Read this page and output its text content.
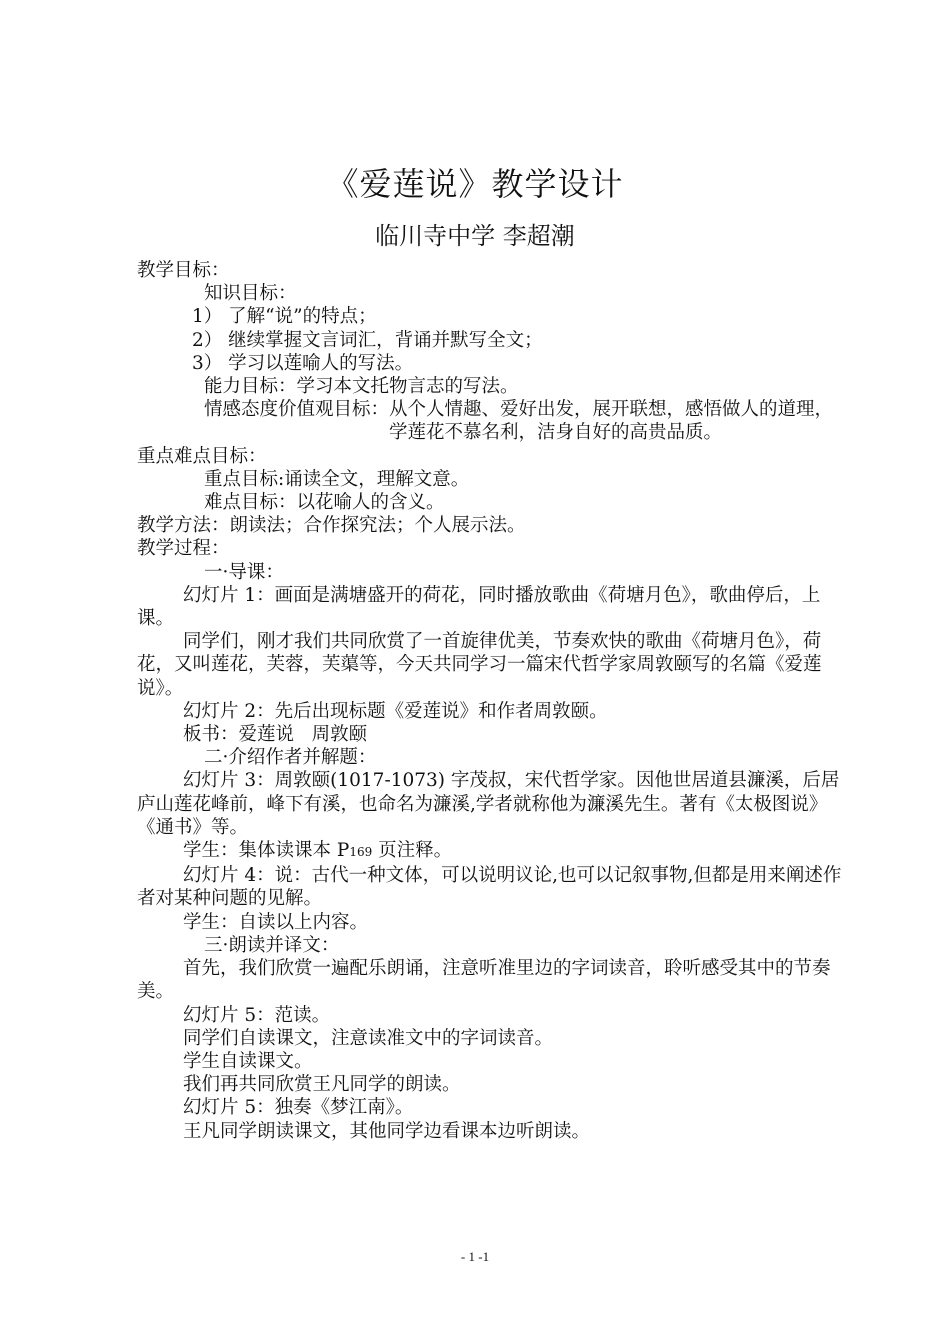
《爱莲说》教学设计
临川寺中学 李超潮

教学目标：

知识目标：

1） 了解“说”的特点；

2） 继续掌握文言词汇，背诵并默写全文；

3） 学习以莲喻人的写法。

能力目标：学习本文托物言志的写法。

情感态度价值观目标： 从个人情趣、爱好出发，展开联想，感悟做人的道理，学莲花不慕名利，洁身自好的高贵品质。

重点难点目标：

重点目标:诵读全文，理解文意。

难点目标：以花喻人的含义。

教学方法：朗读法；合作探究法；个人展示法。

教学过程：

一·导课：

幻灯片 1：画面是满塘盛开的荷花，同时播放歌曲《荷塘月色》，歌曲停后，上课。

同学们，刚才我们共同欣赏了一首旋律优美，节奏欢快的歌曲《荷塘月色》，荷花，又叫莲花，芙蓉，芙蕖等，今天共同学习一篇宋代哲学家周敦颐写的名篇《爱莲说》。

幻灯片 2：先后出现标题《爱莲说》和作者周敦颐。

板书：爱莲说   周敦颐

二·介绍作者并解题：

幻灯片 3：周敦颐(1017-1073) 字茂叔，宋代哲学家。因他世居道县濂溪，后居庐山莲花峰前，峰下有溪，也命名为濂溪,学者就称他为濂溪先生。著有《太极图说》《通书》等。

学生：集体读课本 P169 页注释。

幻灯片 4：说：古代一种文体，可以说明议论,也可以记叙事物,但都是用来阐述作者对某种问题的见解。

学生：自读以上内容。

三·朗读并译文：

首先，我们欣赏一遍配乐朗诵，注意听准里边的字词读音，聆听感受其中的节奏美。

幻灯片 5：范读。

同学们自读课文，注意读准文中的字词读音。

学生自读课文。

我们再共同欣赏王凡同学的朗读。

幻灯片 5：独奏《梦江南》。

王凡同学朗读课文，其他同学边看课本边听朗读。

- 1 -1
